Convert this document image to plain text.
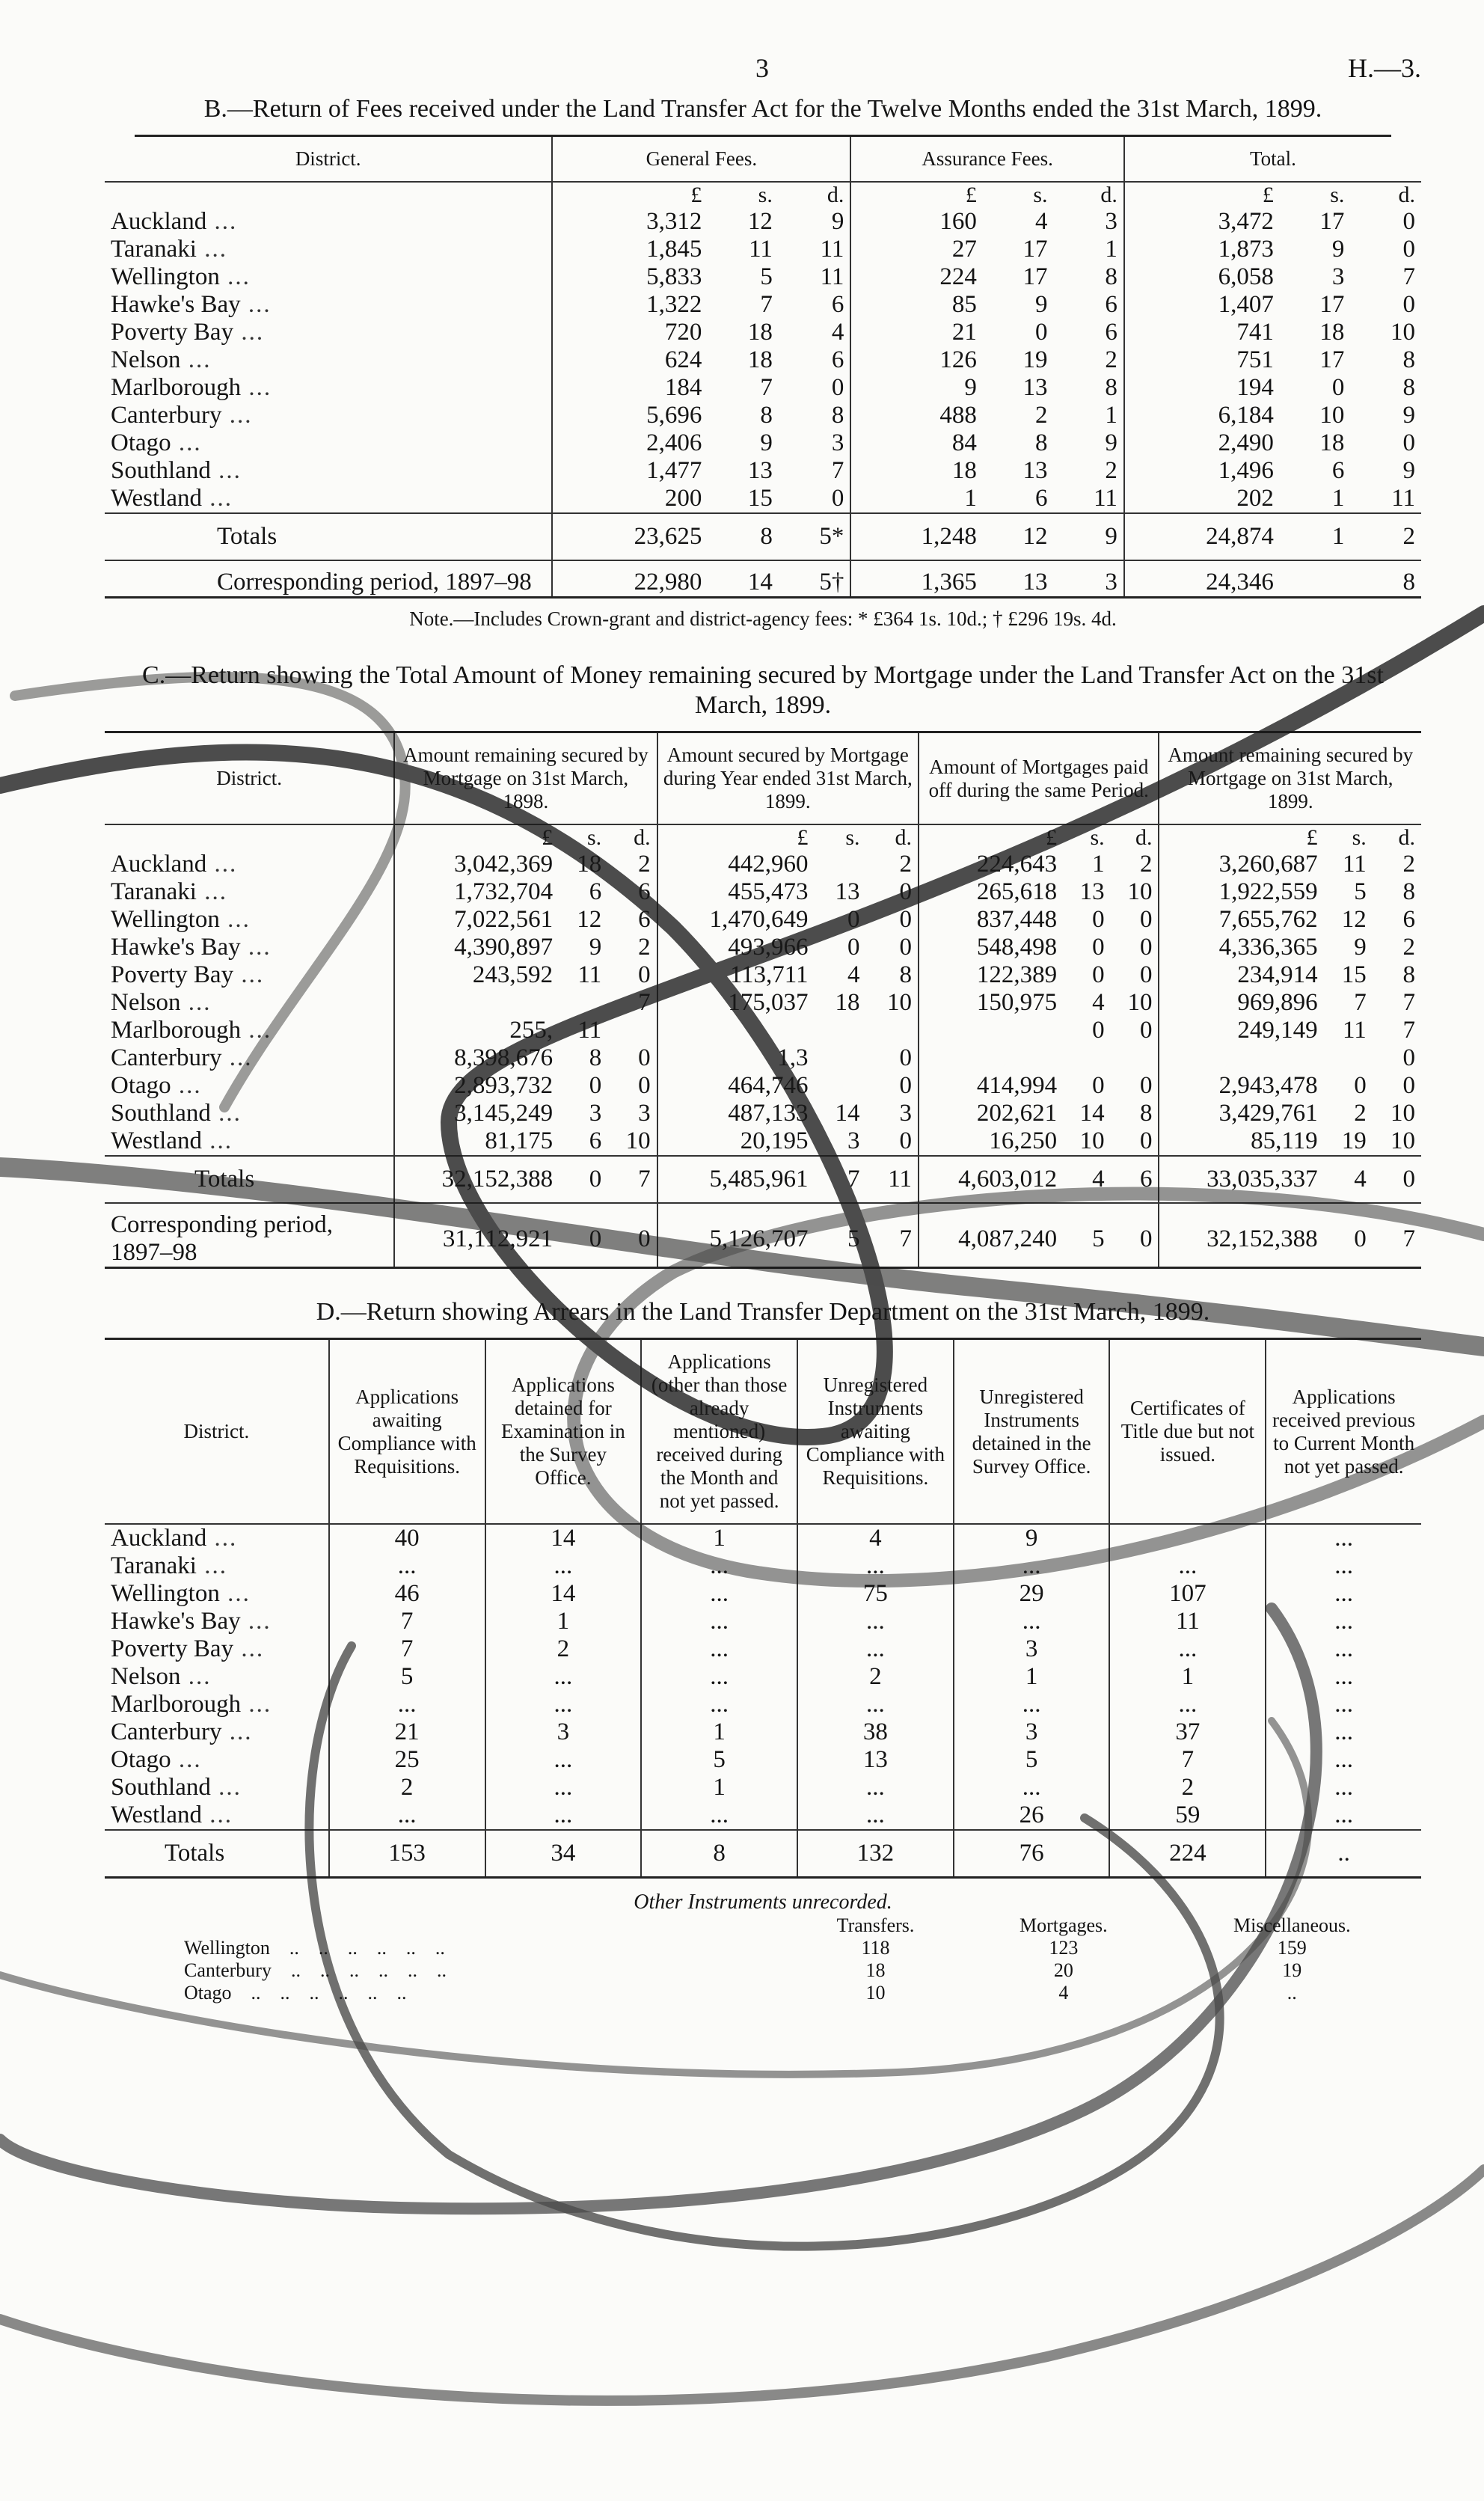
3	H.—3.
B.—Return of Fees received under the Land Transfer Act for the Twelve Months ended the 31st March, 1899.
District.	General Fees.			Assurance Fees.			Total.		
	£	s.	d.	£	s.	d.	£	s.	d.
Auckland ...	3,312	12	9	160	4	3	3,472	17	0
Taranaki ...	1,845	11	11	27	17	1	1,873	9	0
Wellington ...	5,833	5	11	224	17	8	6,058	3	7
Hawke's Bay ...	1,322	7	6	85	9	6	1,407	17	0
Poverty Bay ...	720	18	4	21	0	6	741	18	10
Nelson ...	624	18	6	126	19	2	751	17	8
Marlborough ...	184	7	0	9	13	8	194	0	8
Canterbury ...	5,696	8	8	488	2	1	6,184	10	9
Otago ...	2,406	9	3	84	8	9	2,490	18	0
Southland ...	1,477	13	7	18	13	2	1,496	6	9
Westland ...	200	15	0	1	6	11	202	1	11
Totals	23,625	8	5*	1,248	12	9	24,874	1	2
Corresponding period, 1897–98	22,980	14	5†	1,365	13	3	24,346		8
Note.—Includes Crown-grant and district-agency fees: * £364 1s. 10d.; † £296 19s. 4d.
C.—Return showing the Total Amount of Money remaining secured by Mortgage under the Land Transfer Act on the 31st March, 1899.
District.	Amount remaining secured by Mortgage on 31st March, 1898.			Amount secured by Mortgage during Year ended 31st March, 1899.			Amount of Mortgages paid off during the same Period.			Amount remaining secured by Mortgage on 31st March, 1899.		
	£	s.	d.	£	s.	d.	£	s.	d.	£	s.	d.
Auckland ...	3,042,369	18	2	442,960		2	224,643	1	2	3,260,687	11	2
Taranaki ...	1,732,704	6	6	455,473	13	0	265,618	13	10	1,922,559	5	8
Wellington ...	7,022,561	12	6	1,470,649	0	0	837,448	0	0	7,655,762	12	6
Hawke's Bay ...	4,390,897	9	2	493,966	0	0	548,498	0	0	4,336,365	9	2
Poverty Bay ...	243,592	11	0	113,711	4	8	122,389	0	0	234,914	15	8
Nelson ...			7	175,037	18	10	150,975	4	10	969,896	7	7
Marlborough ...	255,	11						0	0	249,149	11	7
Canterbury ...	8,398,676	8	0	1,3		0						0
Otago ...	2,893,732	0	0	464,746		0	414,994	0	0	2,943,478	0	0
Southland ...	3,145,249	3	3	487,133	14	3	202,621	14	8	3,429,761	2	10
Westland ...	81,175	6	10	20,195	3	0	16,250	10	0	85,119	19	10
Totals	32,152,388	0	7	5,485,961	7	11	4,603,012	4	6	33,035,337	4	0
Corresponding period, 1897–98	31,112,921	0	0	5,126,707	5	7	4,087,240	5	0	32,152,388	0	7
D.—Return showing Arrears in the Land Transfer Department on the 31st March, 1899.
District.	Applications awaiting Compliance with Requisitions.	Applications detained for Examination in the Survey Office.	Applications (other than those already mentioned) received during the Month and not yet passed.	Unregistered Instruments awaiting Compliance with Requisitions.	Unregistered Instruments detained in the Survey Office.	Certificates of Title due but not issued.	Applications received previous to Current Month not yet passed.
Auckland ...	40	14	1	4	9		...
Taranaki ...	...	...	...	...	...	...	...
Wellington ...	46	14	...	75	29	107	...
Hawke's Bay ...	7	1	...	...	...	11	...
Poverty Bay ...	7	2	...	...	3	...	...
Nelson ...	5	...	...	2	1	1	...
Marlborough ...	...	...	...	...	...	...	...
Canterbury ...	21	3	1	38	3	37	...
Otago ...	25	...	5	13	5	7	...
Southland ...	2	...	1	...	...	2	...
Westland ...	...	...	...	...	26	59	...
Totals	153	34	8	132	76	224	..
Other Instruments unrecorded.
	Transfers.	Mortgages.	Miscellaneous.
Wellington    ..    ..    ..    ..    ..    ..	118	123	159
Canterbury    ..    ..    ..    ..    ..    ..	18	20	19
Otago    ..    ..    ..    ..    ..    ..	10	4	..
